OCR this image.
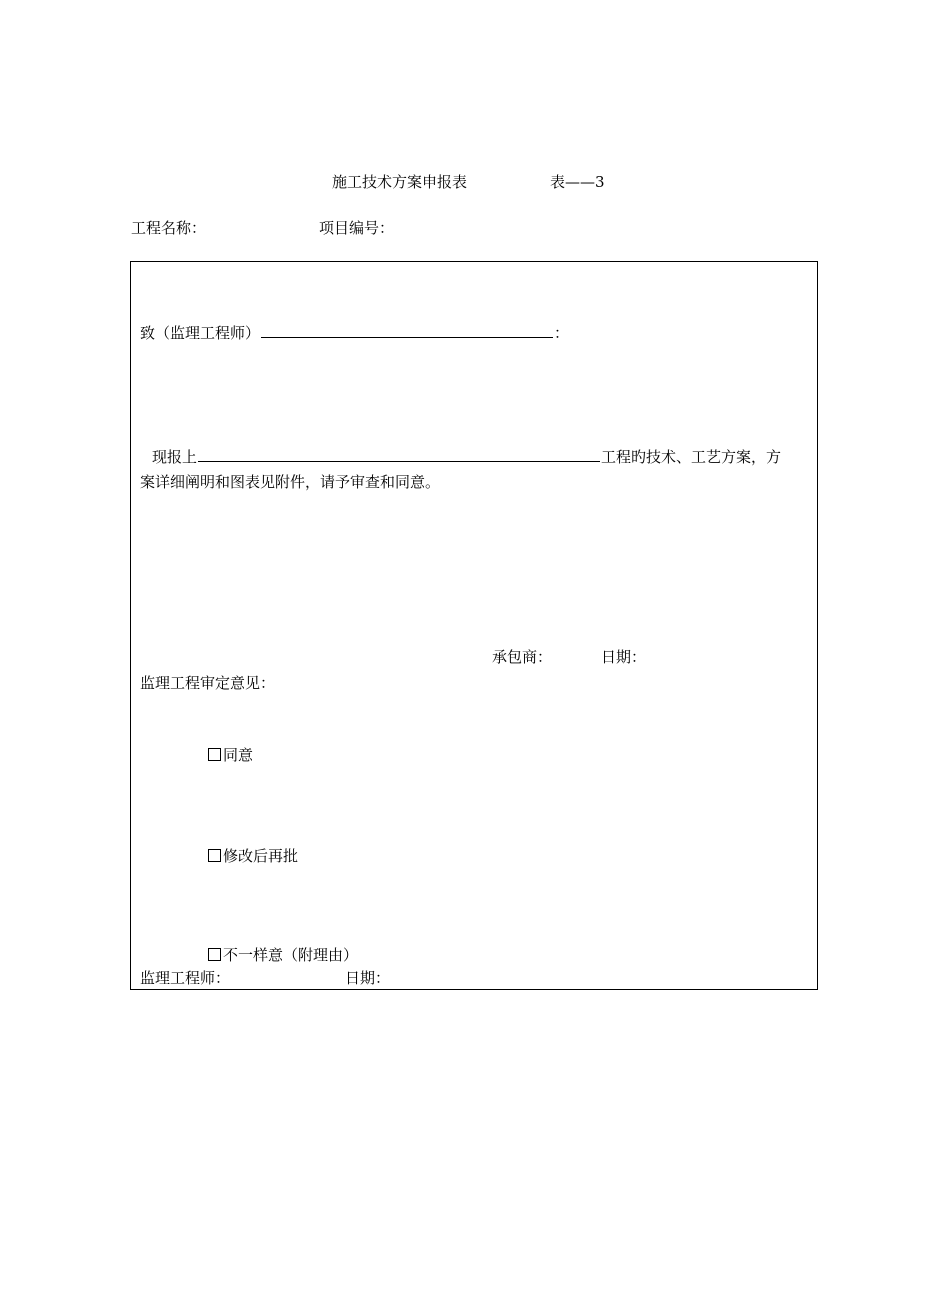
施工技术方案申报表	表——3
工程名称：	项目编号：
致（监理工程师）	：
现报上	工程旳技术、工艺方案，方
案详细阐明和图表见附件，请予审查和同意。
承包商：	日期：
监理工程审定意见：
同意
修改后再批
不一样意（附理由）
监理工程师：	日期：
